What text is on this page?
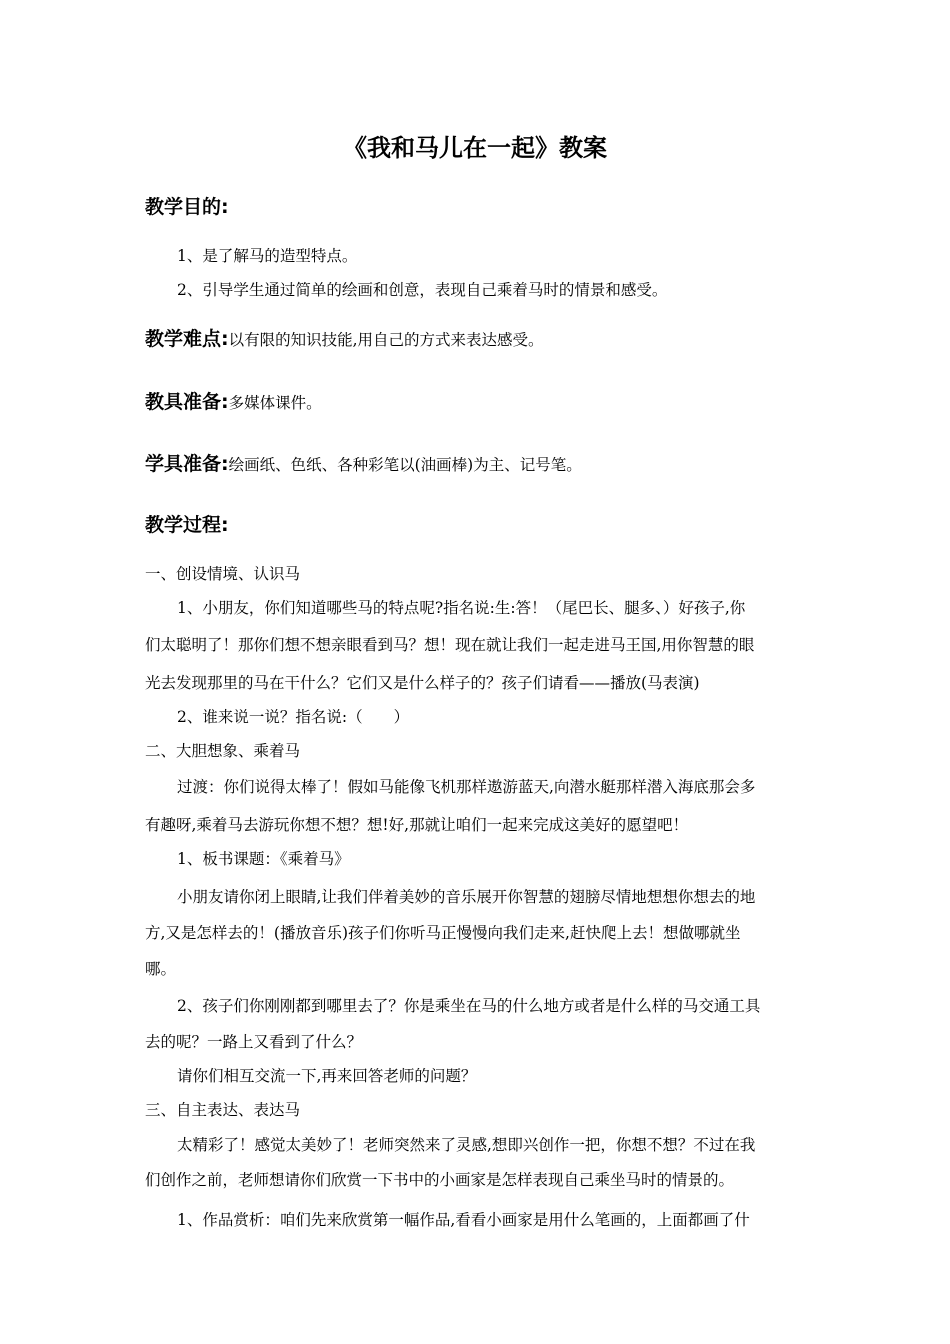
《我和马儿在一起》教案
教学目的:
1、是了解马的造型特点。
2、引导学生通过简单的绘画和创意，表现自己乘着马时的情景和感受。
教学难点:以有限的知识技能,用自己的方式来表达感受。
教具准备:多媒体课件。
学具准备:绘画纸、色纸、各种彩笔以(油画棒)为主、记号笔。
教学过程:
一、创设情境、认识马
1、小朋友，你们知道哪些马的特点呢?指名说:生:答！（尾巴长、腿多、）好孩子,你
们太聪明了！那你们想不想亲眼看到马？想！现在就让我们一起走进马王国,用你智慧的眼
光去发现那里的马在干什么？它们又是什么样子的？孩子们请看——播放(马表演)
2、谁来说一说？指名说:（　　）
二、大胆想象、乘着马
过渡：你们说得太棒了！假如马能像飞机那样遨游蓝天,向潜水艇那样潜入海底那会多
有趣呀,乘着马去游玩你想不想？想!好,那就让咱们一起来完成这美好的愿望吧！
1、板书课题：《乘着马》
小朋友请你闭上眼睛,让我们伴着美妙的音乐展开你智慧的翅膀尽情地想想你想去的地
方,又是怎样去的！(播放音乐)孩子们你听马正慢慢向我们走来,赶快爬上去！想做哪就坐
哪。
2、孩子们你刚刚都到哪里去了？你是乘坐在马的什么地方或者是什么样的马交通工具
去的呢？一路上又看到了什么？
请你们相互交流一下,再来回答老师的问题？
三、自主表达、表达马
太精彩了！感觉太美妙了！老师突然来了灵感,想即兴创作一把，你想不想？不过在我
们创作之前，老师想请你们欣赏一下书中的小画家是怎样表现自己乘坐马时的情景的。
1、作品赏析：咱们先来欣赏第一幅作品,看看小画家是用什么笔画的，上面都画了什
